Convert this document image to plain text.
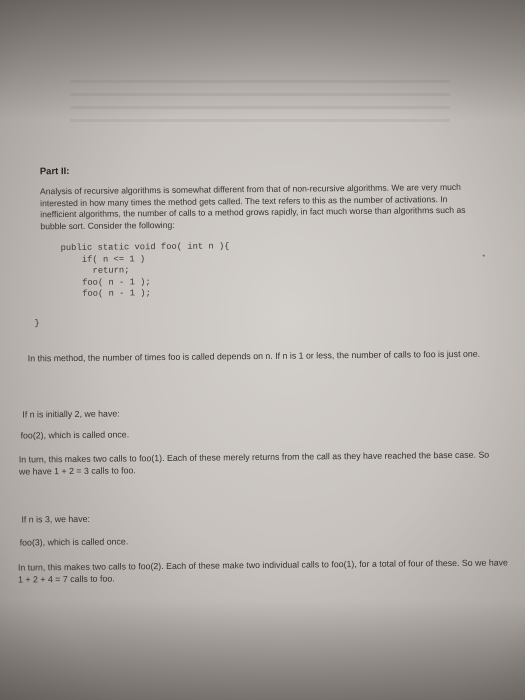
Part II:
Analysis of recursive algorithms is somewhat different from that of non-recursive algorithms. We are very much interested in how many times the method gets called. The text refers to this as the number of activations. In inefficient algorithms, the number of calls to a method grows rapidly, in fact much worse than algorithms such as bubble sort. Consider the following:
public static void foo( int n ){
if( n <= 1 )
return;
foo( n - 1 );
foo( n - 1 );
}
In this method, the number of times foo is called depends on n. If n is 1 or less, the number of calls to foo is just one.
If n is initially 2, we have:
foo(2), which is called once.
In turn, this makes two calls to foo(1). Each of these merely returns from the call as they have reached the base case. So we have 1 + 2 = 3 calls to foo.
If n is 3, we have:
foo(3), which is called once.
In turn, this makes two calls to foo(2). Each of these make two individual calls to foo(1), for a total of four of these. So we have 1 + 2 + 4 = 7 calls to foo.
